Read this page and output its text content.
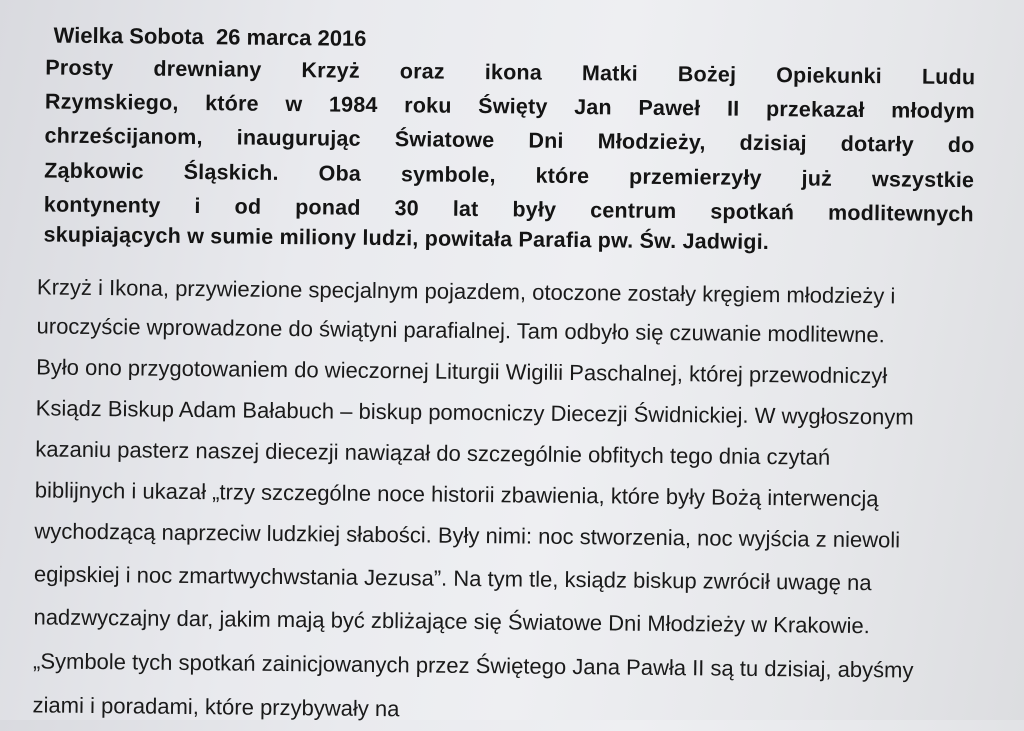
Wielka Sobota  26 marca 2016
Prosty drewniany Krzyż oraz ikona Matki Bożej Opiekunki Ludu
Rzymskiego, które w 1984 roku Święty Jan Paweł II przekazał młodym
chrześcijanom, inaugurując Światowe Dni Młodzieży, dzisiaj dotarły do
Ząbkowic Śląskich. Oba symbole, które przemierzyły już wszystkie
kontynenty i od ponad 30 lat były centrum spotkań modlitewnych
skupiających w sumie miliony ludzi, powitała Parafia pw. Św. Jadwigi.
Krzyż i Ikona, przywiezione specjalnym pojazdem, otoczone zostały kręgiem młodzieży i
uroczyście wprowadzone do świątyni parafialnej. Tam odbyło się czuwanie modlitewne.
Było ono przygotowaniem do wieczornej Liturgii Wigilii Paschalnej, której przewodniczył
Ksiądz Biskup Adam Bałabuch – biskup pomocniczy Diecezji Świdnickiej. W wygłoszonym
kazaniu pasterz naszej diecezji nawiązał do szczególnie obfitych tego dnia czytań
biblijnych i ukazał „trzy szczególne noce historii zbawienia, które były Bożą interwencją
wychodzącą naprzeciw ludzkiej słabości. Były nimi: noc stworzenia, noc wyjścia z niewoli
egipskiej i noc zmartwychwstania Jezusa”. Na tym tle, ksiądz biskup zwrócił uwagę na
nadzwyczajny dar, jakim mają być zbliżające się Światowe Dni Młodzieży w Krakowie.
„Symbole tych spotkań zainicjowanych przez Świętego Jana Pawła II są tu dzisiaj, abyśmy
ziami i poradami, które przybywały na
